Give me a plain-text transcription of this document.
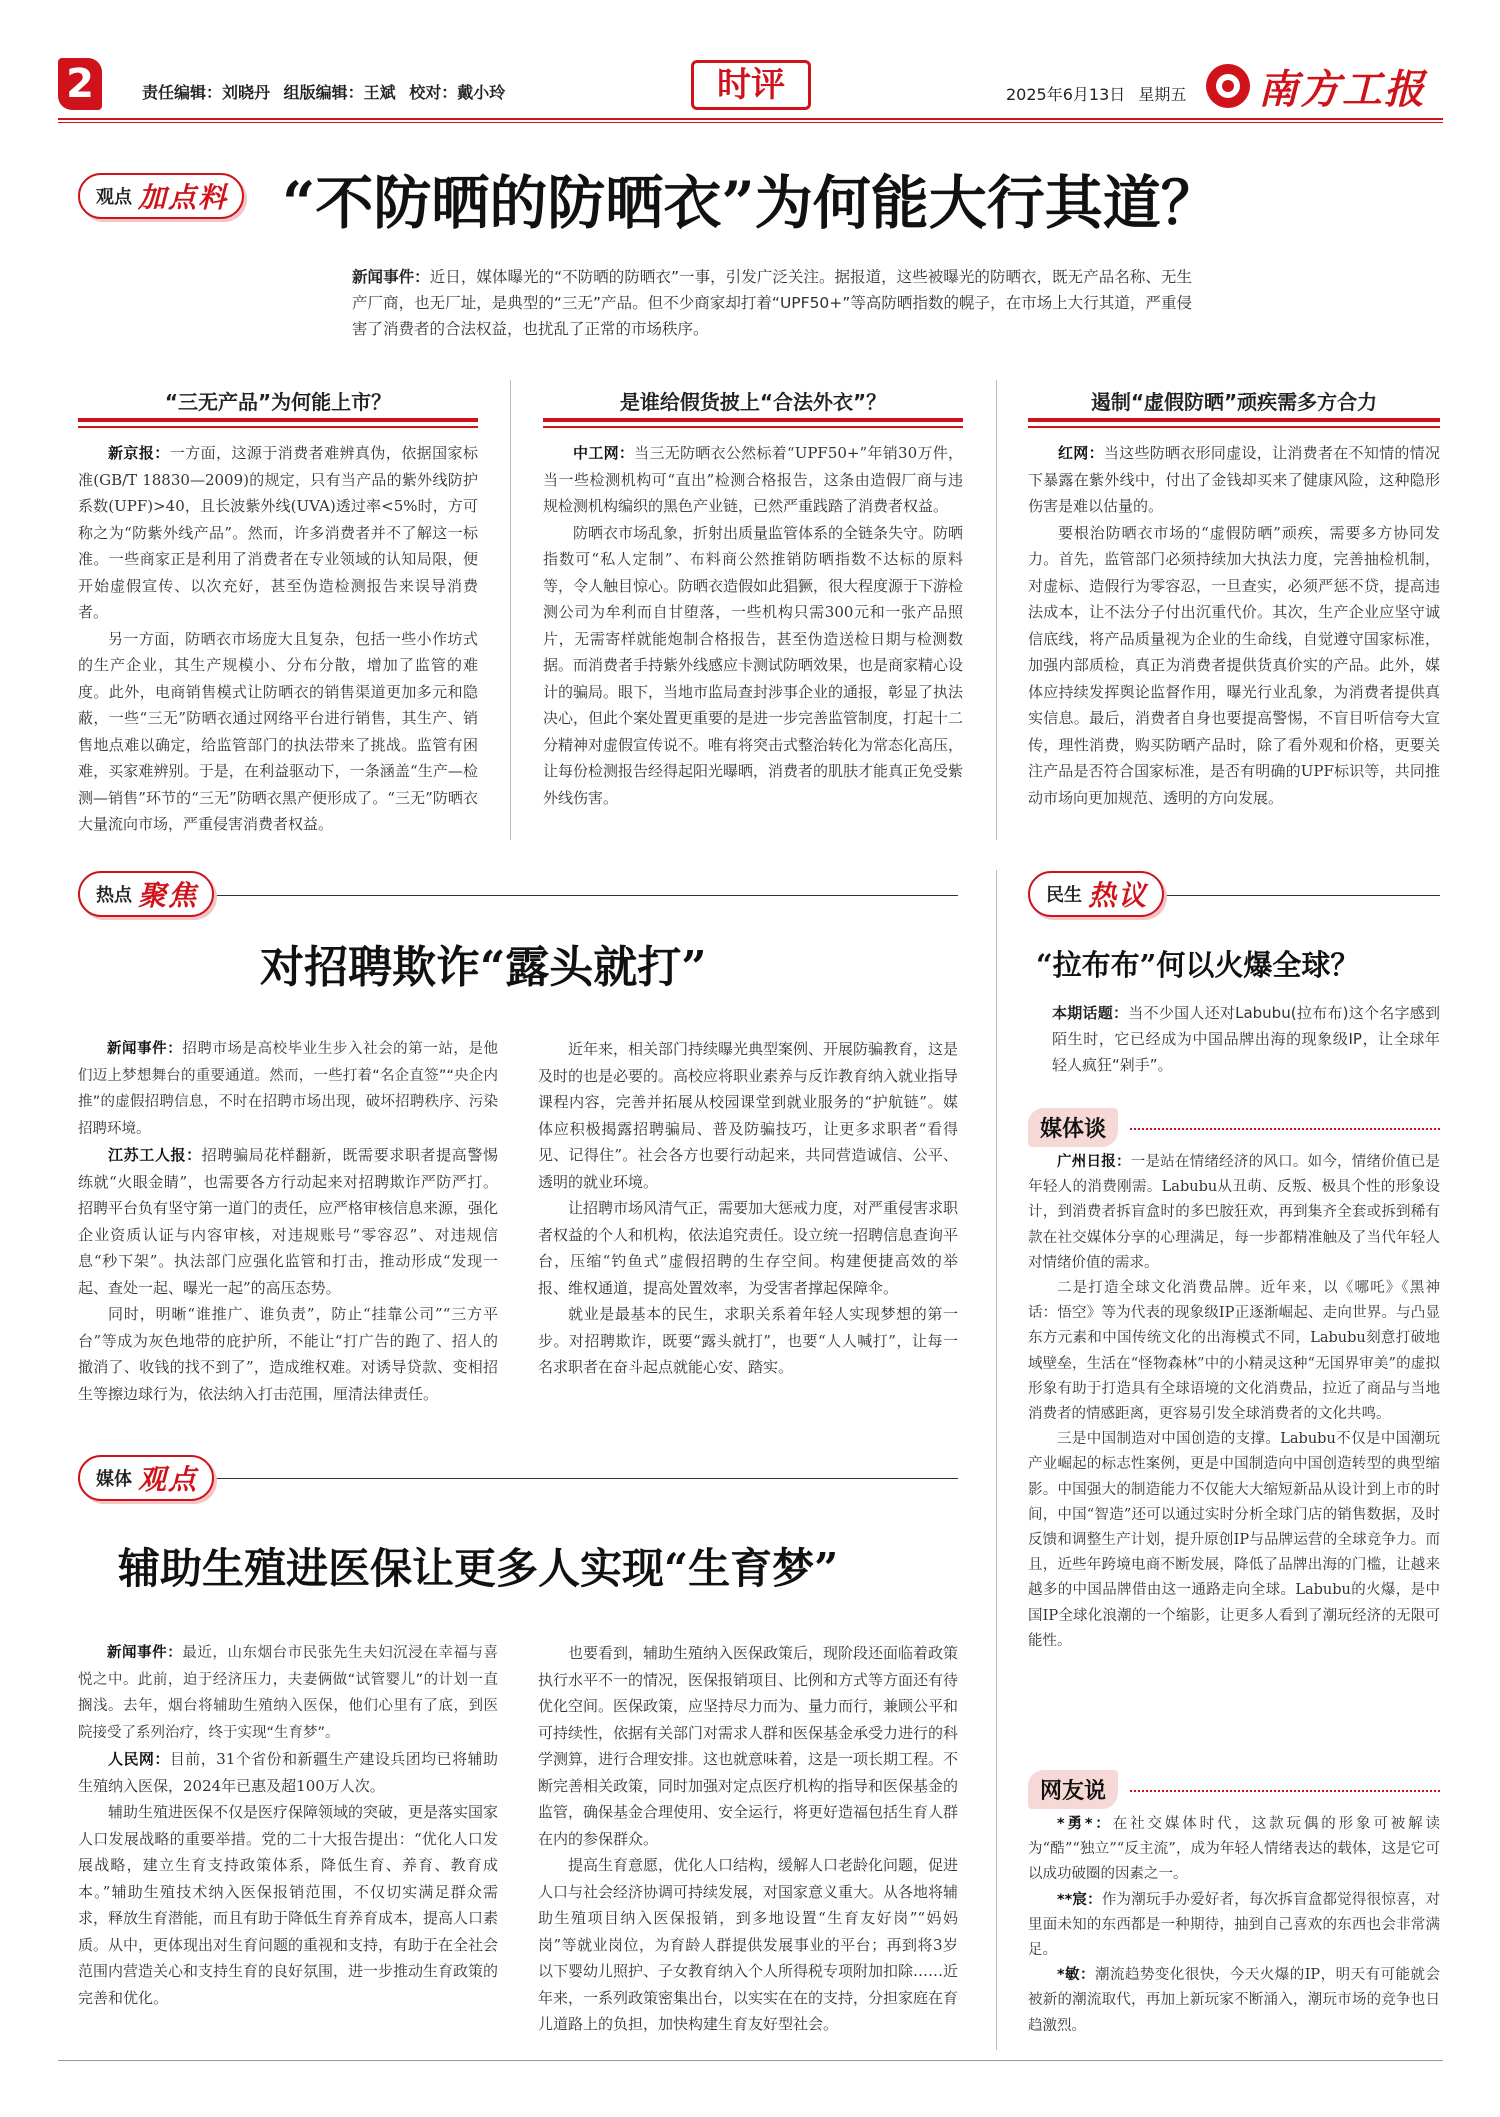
2	责任编辑：刘晓丹 组版编辑：王斌 校对：戴小玲	时评	2025年6月13日 星期五 南方工报
观点 加点料 “不防晒的防晒衣”为何能大行其道？
新闻事件：近日，媒体曝光的“不防晒的防晒衣”一事，引发广泛关注。据报道，这些被曝光的防晒衣，既无产品名称、无生产厂商，也无厂址，是典型的“三无”产品。但不少商家却打着“UPF50+”等高防晒指数的幌子，在市场上大行其道，严重侵害了消费者的合法权益，也扰乱了正常的市场秩序。
“三无产品”为何能上市？	是谁给假货披上“合法外衣”？	遏制“虚假防晒”顽疾需多方合力

新京报：一方面，这源于消费者难辨真伪，依据国家标准(GB/T 18830—2009)的规定，只有当产品的紫外线防护系数(UPF)>40，且长波紫外线(UVA)透过率<5%时，方可称之为“防紫外线产品”。然而，许多消费者并不了解这一标准。一些商家正是利用了消费者在专业领域的认知局限，便开始虚假宣传、以次充好，甚至伪造检测报告来误导消费者。

另一方面，防晒衣市场庞大且复杂，包括一些小作坊式的生产企业，其生产规模小、分布分散，增加了监管的难度。此外，电商销售模式让防晒衣的销售渠道更加多元和隐蔽，一些“三无”防晒衣通过网络平台进行销售，其生产、销售地点难以确定，给监管部门的执法带来了挑战。监管有困难，买家难辨别。于是，在利益驱动下，一条涵盖“生产—检测—销售”环节的“三无”防晒衣黑产便形成了。“三无”防晒衣大量流向市场，严重侵害消费者权益。

中工网：当三无防晒衣公然标着“UPF50+”年销30万件，当一些检测机构可“直出”检测合格报告，这条由造假厂商与违规检测机构编织的黑色产业链，已然严重践踏了消费者权益。

防晒衣市场乱象，折射出质量监管体系的全链条失守。防晒指数可“私人定制”、布料商公然推销防晒指数不达标的原料等，令人触目惊心。防晒衣造假如此猖獗，很大程度源于下游检测公司为牟利而自甘堕落，一些机构只需300元和一张产品照片，无需寄样就能炮制合格报告，甚至伪造送检日期与检测数据。而消费者手持紫外线感应卡测试防晒效果，也是商家精心设计的骗局。眼下，当地市监局查封涉事企业的通报，彰显了执法决心，但此个案处置更重要的是进一步完善监管制度，打起十二分精神对虚假宣传说不。唯有将突击式整治转化为常态化高压，让每份检测报告经得起阳光曝晒，消费者的肌肤才能真正免受紫外线伤害。

红网：当这些防晒衣形同虚设，让消费者在不知情的情况下暴露在紫外线中，付出了金钱却买来了健康风险，这种隐形伤害是难以估量的。

要根治防晒衣市场的“虚假防晒”顽疾，需要多方协同发力。首先，监管部门必须持续加大执法力度，完善抽检机制，对虚标、造假行为零容忍，一旦查实，必须严惩不贷，提高违法成本，让不法分子付出沉重代价。其次，生产企业应坚守诚信底线，将产品质量视为企业的生命线，自觉遵守国家标准，加强内部质检，真正为消费者提供货真价实的产品。此外，媒体应持续发挥舆论监督作用，曝光行业乱象，为消费者提供真实信息。最后，消费者自身也要提高警惕，不盲目听信夸大宣传，理性消费，购买防晒产品时，除了看外观和价格，更要关注产品是否符合国家标准，是否有明确的UPF标识等，共同推动市场向更加规范、透明的方向发展。

热点 聚焦
对招聘欺诈“露头就打”

新闻事件：招聘市场是高校毕业生步入社会的第一站，是他们迈上梦想舞台的重要通道。然而，一些打着“名企直签”“央企内推”的虚假招聘信息，不时在招聘市场出现，破坏招聘秩序、污染招聘环境。

江苏工人报：招聘骗局花样翻新，既需要求职者提高警惕练就“火眼金睛”，也需要各方行动起来对招聘欺诈严防严打。招聘平台负有坚守第一道门的责任，应严格审核信息来源，强化企业资质认证与内容审核，对违规账号“零容忍”、对违规信息“秒下架”。执法部门应强化监管和打击，推动形成“发现一起、查处一起、曝光一起”的高压态势。

同时，明晰“谁推广、谁负责”，防止“挂靠公司”“三方平台”等成为灰色地带的庇护所，不能让“打广告的跑了、招人的撤消了、收钱的找不到了”，造成维权难。对诱导贷款、变相招生等擦边球行为，依法纳入打击范围，厘清法律责任。

近年来，相关部门持续曝光典型案例、开展防骗教育，这是及时的也是必要的。高校应将职业素养与反诈教育纳入就业指导课程内容，完善并拓展从校园课堂到就业服务的“护航链”。媒体应积极揭露招聘骗局、普及防骗技巧，让更多求职者“看得见、记得住”。社会各方也要行动起来，共同营造诚信、公平、透明的就业环境。

让招聘市场风清气正，需要加大惩戒力度，对严重侵害求职者权益的个人和机构，依法追究责任。设立统一招聘信息查询平台，压缩“钓鱼式”虚假招聘的生存空间。构建便捷高效的举报、维权通道，提高处置效率，为受害者撑起保障伞。

就业是最基本的民生，求职关系着年轻人实现梦想的第一步。对招聘欺诈，既要“露头就打”，也要“人人喊打”，让每一名求职者在奋斗起点就能心安、踏实。

媒体 观点
辅助生殖进医保让更多人实现“生育梦”

新闻事件：最近，山东烟台市民张先生夫妇沉浸在幸福与喜悦之中。此前，迫于经济压力，夫妻俩做“试管婴儿”的计划一直搁浅。去年，烟台将辅助生殖纳入医保，他们心里有了底，到医院接受了系列治疗，终于实现“生育梦”。

人民网：目前，31个省份和新疆生产建设兵团均已将辅助生殖纳入医保，2024年已惠及超100万人次。

辅助生殖进医保不仅是医疗保障领域的突破，更是落实国家人口发展战略的重要举措。党的二十大报告提出：“优化人口发展战略，建立生育支持政策体系，降低生育、养育、教育成本。”辅助生殖技术纳入医保报销范围，不仅切实满足群众需求，释放生育潜能，而且有助于降低生育养育成本，提高人口素质。从中，更体现出对生育问题的重视和支持，有助于在全社会范围内营造关心和支持生育的良好氛围，进一步推动生育政策的完善和优化。

也要看到，辅助生殖纳入医保政策后，现阶段还面临着政策执行水平不一的情况，医保报销项目、比例和方式等方面还有待优化空间。医保政策，应坚持尽力而为、量力而行，兼顾公平和可持续性，依据有关部门对需求人群和医保基金承受力进行的科学测算，进行合理安排。这也就意味着，这是一项长期工程。不断完善相关政策，同时加强对定点医疗机构的指导和医保基金的监管，确保基金合理使用、安全运行，将更好造福包括生育人群在内的参保群众。

提高生育意愿，优化人口结构，缓解人口老龄化问题，促进人口与社会经济协调可持续发展，对国家意义重大。从各地将辅助生殖项目纳入医保报销，到多地设置“生育友好岗”“妈妈岗”等就业岗位，为育龄人群提供发展事业的平台；再到将3岁以下婴幼儿照护、子女教育纳入个人所得税专项附加扣除……近年来，一系列政策密集出台，以实实在在的支持，分担家庭在育儿道路上的负担，加快构建生育友好型社会。

民生 热议
“拉布布”何以火爆全球？
本期话题：当不少国人还对Labubu(拉布布)这个名字感到陌生时，它已经成为中国品牌出海的现象级IP，让全球年轻人疯狂“剁手”。
媒体谈

广州日报：一是站在情绪经济的风口。如今，情绪价值已是年轻人的消费刚需。Labubu从丑萌、反叛、极具个性的形象设计，到消费者拆盲盒时的多巴胺狂欢，再到集齐全套或拆到稀有款在社交媒体分享的心理满足，每一步都精准触及了当代年轻人对情绪价值的需求。

二是打造全球文化消费品牌。近年来，以《哪吒》《黑神话：悟空》等为代表的现象级IP正逐渐崛起、走向世界。与凸显东方元素和中国传统文化的出海模式不同，Labubu刻意打破地域壁垒，生活在“怪物森林”中的小精灵这种“无国界审美”的虚拟形象有助于打造具有全球语境的文化消费品，拉近了商品与当地消费者的情感距离，更容易引发全球消费者的文化共鸣。

三是中国制造对中国创造的支撑。Labubu不仅是中国潮玩产业崛起的标志性案例，更是中国制造向中国创造转型的典型缩影。中国强大的制造能力不仅能大大缩短新品从设计到上市的时间，中国“智造”还可以通过实时分析全球门店的销售数据，及时反馈和调整生产计划，提升原创IP与品牌运营的全球竞争力。而且，近些年跨境电商不断发展，降低了品牌出海的门槛，让越来越多的中国品牌借由这一通路走向全球。Labubu的火爆，是中国IP全球化浪潮的一个缩影，让更多人看到了潮玩经济的无限可能性。

网友说

*勇*：在社交媒体时代，这款玩偶的形象可被解读为“酷”“独立”“反主流”，成为年轻人情绪表达的载体，这是它可以成功破圈的因素之一。

**宸：作为潮玩手办爱好者，每次拆盲盒都觉得很惊喜，对里面未知的东西都是一种期待，抽到自己喜欢的东西也会非常满足。

*敏：潮流趋势变化很快，今天火爆的IP，明天有可能就会被新的潮流取代，再加上新玩家不断涌入，潮玩市场的竞争也日趋激烈。
